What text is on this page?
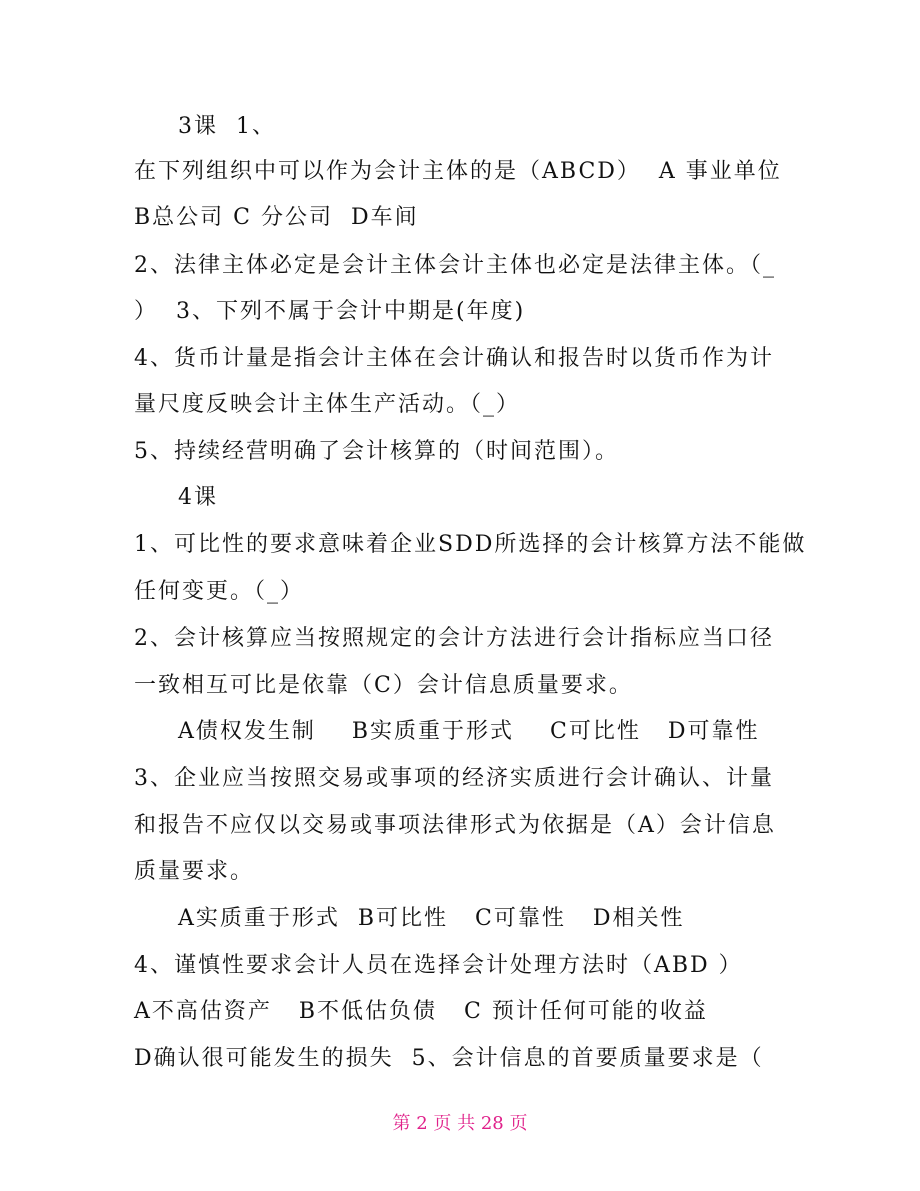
3课  1、
在下列组织中可以作为会计主体的是（ABCD）  A 事业单位
B总公司 C 分公司  D车间
2、法律主体必定是会计主体会计主体也必定是法律主体。（_
）  3、下列不属于会计中期是(年度)
4、货币计量是指会计主体在会计确认和报告时以货币作为计
量尺度反映会计主体生产活动。（_）
5、持续经营明确了会计核算的（时间范围）。
4课
1、可比性的要求意味着企业SDD所选择的会计核算方法不能做
任何变更。（_）
2、会计核算应当按照规定的会计方法进行会计指标应当口径
一致相互可比是依靠（C）会计信息质量要求。
A债权发生制    B实质重于形式    C可比性   D可靠性
3、企业应当按照交易或事项的经济实质进行会计确认、计量
和报告不应仅以交易或事项法律形式为依据是（A）会计信息
质量要求。
A实质重于形式  B可比性   C可靠性   D相关性
4、谨慎性要求会计人员在选择会计处理方法时（ABD ）
A不高估资产   B不低估负债   C 预计任何可能的收益
D确认很可能发生的损失  5、会计信息的首要质量要求是（
第 2 页 共 28 页
